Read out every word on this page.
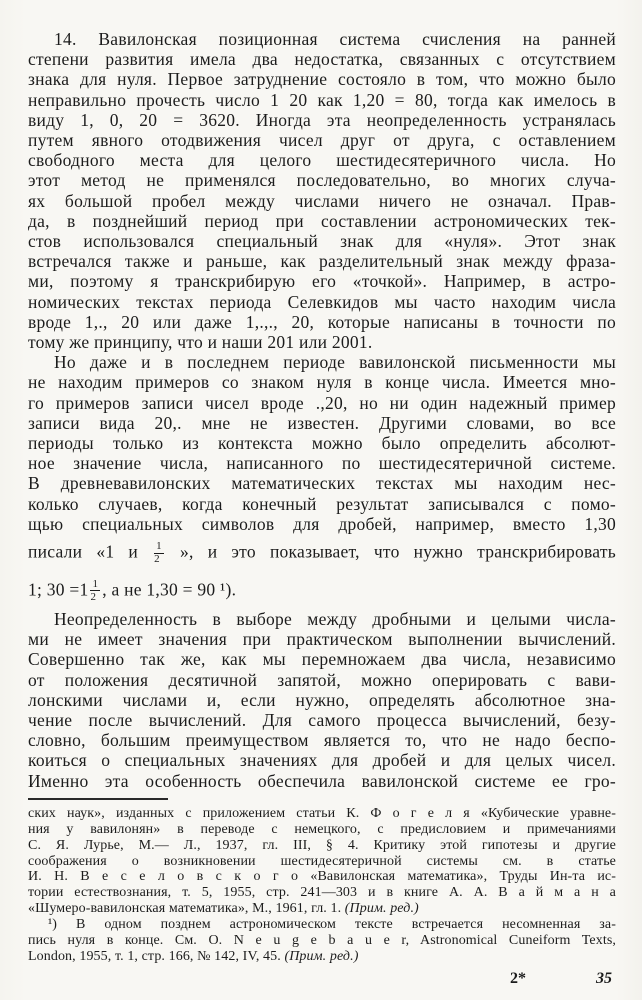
14. Вавилонская позиционная система счисления на ранней
степени развития имела два недостатка, связанных с отсутствием
знака для нуля. Первое затруднение состояло в том, что можно было
неправильно прочесть число 1 20 как 1,20 = 80, тогда как имелось в
виду 1, 0, 20 = 3620. Иногда эта неопределенность устранялась
путем явного отодвижения чисел друг от друга, с оставлением
свободного места для целого шестидесятеричного числа. Но
этот метод не применялся последовательно, во многих случа-
ях большой пробел между числами ничего не означал. Прав-
да, в позднейший период при составлении астрономических тек-
стов использовался специальный знак для «нуля». Этот знак
встречался также и раньше, как разделительный знак между фраза-
ми, поэтому я транскрибирую его «точкой». Например, в астро-
номических текстах периода Селевкидов мы часто находим числа
вроде 1,., 20 или даже 1,.,., 20, которые написаны в точности по
тому же принципу, что и наши 201 или 2001.
Но даже и в последнем периоде вавилонской письменности мы
не находим примеров со знаком нуля в конце числа. Имеется мно-
го примеров записи чисел вроде .,20, но ни один надежный пример
записи вида 20,. мне не известен. Другими словами, во все
периоды только из контекста можно было определить абсолют-
ное значение числа, написанного по шестидесятеричной системе.
В древневавилонских математических текстах мы находим нес-
колько случаев, когда конечный результат записывался с помо-
щью специальных символов для дробей, например, вместо 1,30
писали «1 и $\frac{1}{2}$ », и это показывает, что нужно транскрибировать
1; $30 =1 \frac{1}{2}$ , а не 1,30 = 90 ¹).
Неопределенность в выборе между дробными и целыми числа-
ми не имеет значения при практическом выполнении вычислений.
Совершенно так же, как мы перемножаем два числа, независимо
от положения десятичной запятой, можно оперировать с вави-
лонскими числами и, если нужно, определять абсолютное зна-
чение после вычислений. Для самого процесса вычислений, безу-
словно, большим преимуществом является то, что не надо беспо-
коиться о специальных значениях для дробей и для целых чисел.
Именно эта особенность обеспечила вавилонской системе ее гро-
ских наук», изданных с приложением статьи К. Ф о г е л я «Кубические уравне-
ния у вавилонян» в переводе с немецкого, с предисловием и примечаниями
С. Я. Лурье, М.— Л., 1937, гл. III, § 4. Критику этой гипотезы и другие
соображения о возникновении шестидесятеричной системы см. в статье
И. Н. В е с е л о в с к о г о «Вавилонская математика», Труды Ин-та ис-
тории естествознания, т. 5, 1955, стр. 241—303 и в книге А. А. В а й м а н а
«Шумеро-вавилонская математика», М., 1961, гл. 1. (Прим. ред.)
¹) В одном позднем астрономическом тексте встречается несомненная за-
пись нуля в конце. См. О. N e u g e b a u e r, Astronomical Cuneiform Texts,
London, 1955, т. 1, стр. 166, № 142, IV, 45. (Прим. ред.)
2*	35
